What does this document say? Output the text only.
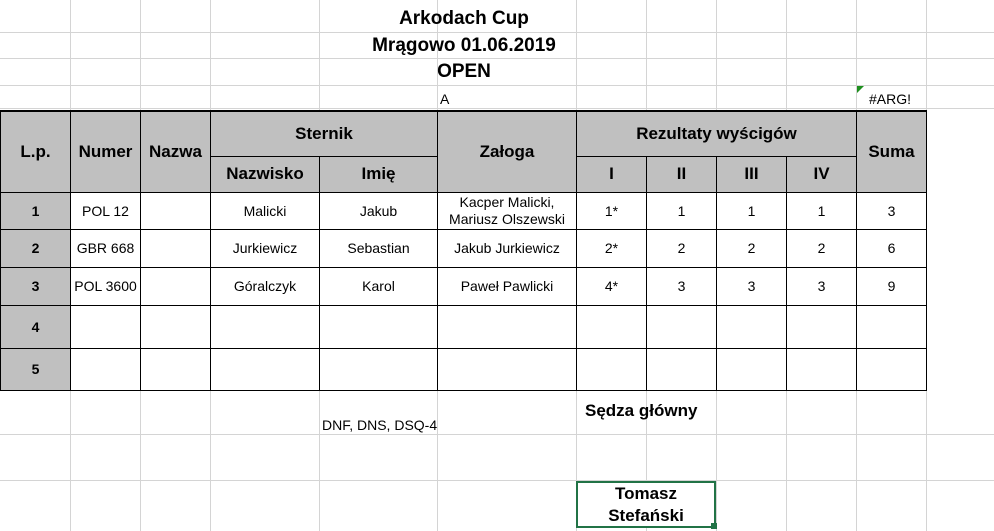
Arkodach Cup
Mrągowo 01.06.2019
OPEN
A	#ARG!
L.p.	Numer	Nazwa	Sternik		Załoga	Rezultaty wyścigów				Suma
			Nazwisko	Imię		I	II	III	IV	
1	POL 12		Malicki	Jakub	Kacper Malicki,
Mariusz Olszewski	1*	1	1	1	3
2	GBR 668		Jurkiewicz	Sebastian	Jakub Jurkiewicz	2*	2	2	2	6
3	POL 3600		Góralczyk	Karol	Paweł Pawlicki	4*	3	3	3	9
4										
5										
DNF, DNS, DSQ-4
Sędza główny
Tomasz
Stefański
